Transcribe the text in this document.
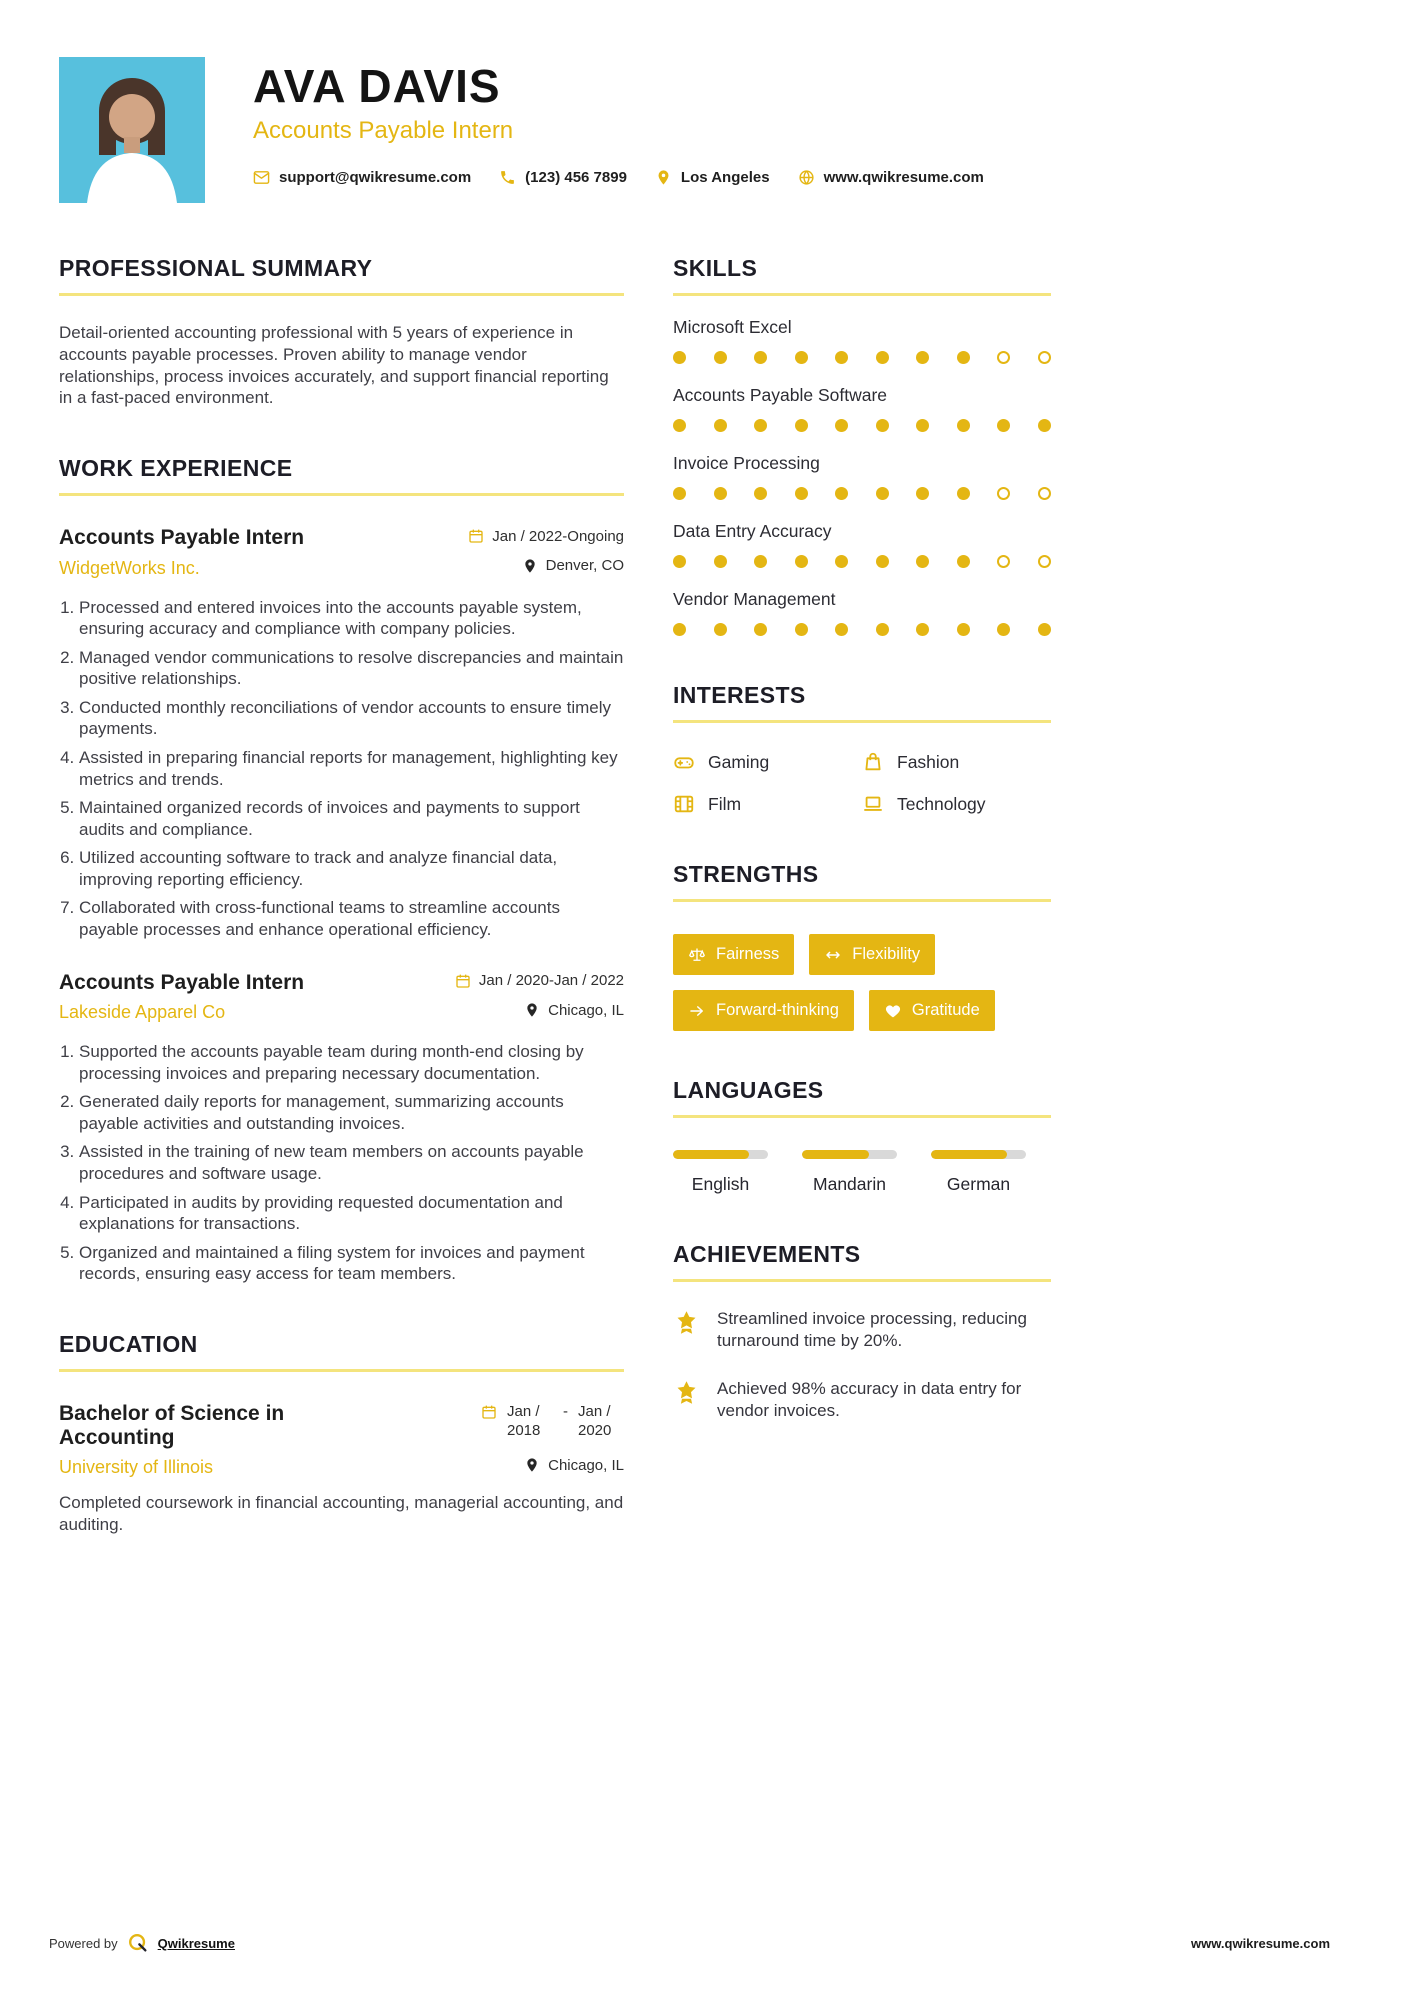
AVA DAVIS
Accounts Payable Intern
support@qwikresume.com	(123) 456 7899	Los Angeles	www.qwikresume.com
PROFESSIONAL SUMMARY

Detail-oriented accounting professional with 5 years of experience in accounts payable processes. Proven ability to manage vendor relationships, process invoices accurately, and support financial reporting in a fast-paced environment.

WORK EXPERIENCE
Accounts Payable Intern	Jan / 2022-Ongoing
WidgetWorks Inc.	Denver, CO
1. Processed and entered invoices into the accounts payable system, ensuring accuracy and compliance with company policies.
2. Managed vendor communications to resolve discrepancies and maintain positive relationships.
3. Conducted monthly reconciliations of vendor accounts to ensure timely payments.
4. Assisted in preparing financial reports for management, highlighting key metrics and trends.
5. Maintained organized records of invoices and payments to support audits and compliance.
6. Utilized accounting software to track and analyze financial data, improving reporting efficiency.
7. Collaborated with cross-functional teams to streamline accounts payable processes and enhance operational efficiency.
Accounts Payable Intern	Jan / 2020-Jan / 2022
Lakeside Apparel Co	Chicago, IL
1. Supported the accounts payable team during month-end closing by processing invoices and preparing necessary documentation.
2. Generated daily reports for management, summarizing accounts payable activities and outstanding invoices.
3. Assisted in the training of new team members on accounts payable procedures and software usage.
4. Participated in audits by providing requested documentation and explanations for transactions.
5. Organized and maintained a filing system for invoices and payment records, ensuring easy access for team members.
EDUCATION
Bachelor of Science in Accounting
Jan / 2018
- Jan / 2020
University of Illinois	Chicago, IL

Completed coursework in financial accounting, managerial accounting, and auditing.

SKILLS
Microsoft Excel
Accounts Payable Software
Invoice Processing
Data Entry Accuracy
Vendor Management
INTERESTS
Gaming	Fashion
Film	Technology
STRENGTHS
Fairness	Flexibility
Forward-thinking	Gratitude
LANGUAGES
English	Mandarin	German
ACHIEVEMENTS
Streamlined invoice processing, reducing turnaround time by 20%.
Achieved 98% accuracy in data entry for vendor invoices.
Powered by	Qwikresume	www.qwikresume.com
